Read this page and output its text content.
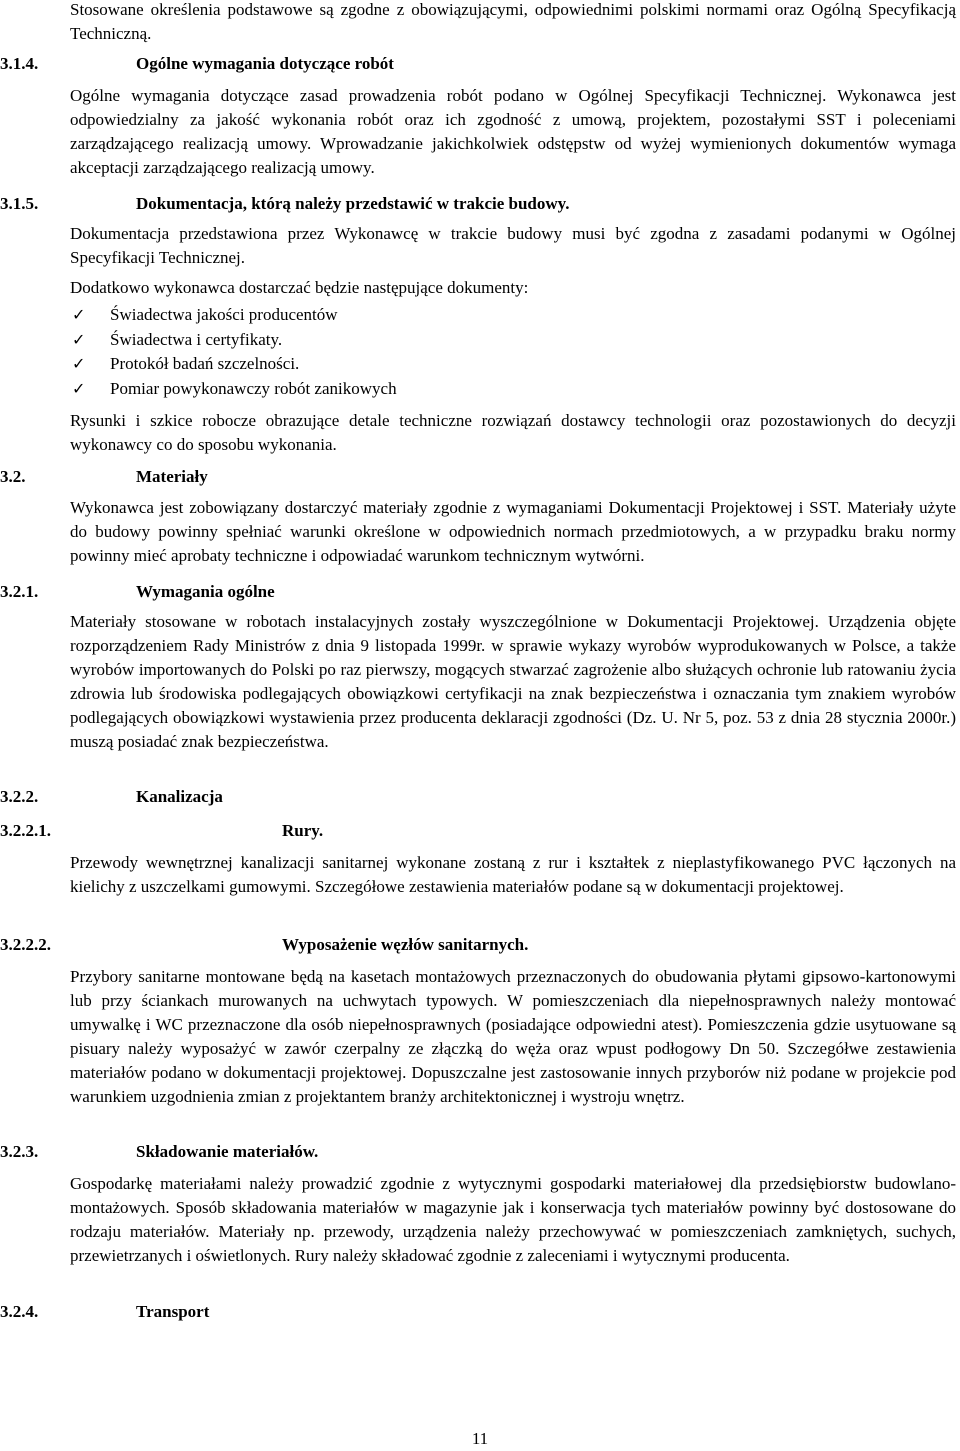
Stosowane określenia podstawowe są zgodne z obowiązującymi, odpowiednimi polskimi normami oraz Ogólną Specyfikacją Techniczną.

3.1.4.	Ogólne wymagania dotyczące robót

Ogólne wymagania dotyczące zasad prowadzenia robót podano w Ogólnej Specyfikacji Technicznej. Wykonawca jest odpowiedzialny za jakość wykonania robót oraz ich zgodność z umową, projektem, pozostałymi SST i poleceniami zarządzającego realizacją umowy. Wprowadzanie jakichkolwiek odstępstw od wyżej wymienionych dokumentów wymaga akceptacji zarządzającego realizacją umowy.

3.1.5.	Dokumentacja, którą należy przedstawić w trakcie budowy.

Dokumentacja przedstawiona przez Wykonawcę w trakcie budowy musi być zgodna z zasadami podanymi w Ogólnej Specyfikacji Technicznej.

Dodatkowo wykonawca dostarczać będzie następujące dokumenty:

✓ Świadectwa jakości producentów
✓ Świadectwa i certyfikaty.
✓ Protokół badań szczelności.
✓ Pomiar powykonawczy robót zanikowych

Rysunki i szkice robocze obrazujące detale techniczne rozwiązań dostawcy technologii oraz pozostawionych do decyzji wykonawcy co do sposobu wykonania.

3.2.	Materiały

Wykonawca jest zobowiązany dostarczyć materiały zgodnie z wymaganiami Dokumentacji Projektowej i SST. Materiały użyte do budowy powinny spełniać warunki określone w odpowiednich normach przedmiotowych, a w przypadku braku normy powinny mieć aprobaty techniczne i odpowiadać warunkom technicznym wytwórni.

3.2.1.	Wymagania ogólne

Materiały stosowane w robotach instalacyjnych zostały wyszczególnione w Dokumentacji Projektowej. Urządzenia objęte rozporządzeniem Rady Ministrów z dnia 9 listopada 1999r. w sprawie wykazy wyrobów wyprodukowanych w Polsce, a także wyrobów importowanych do Polski po raz pierwszy, mogących stwarzać zagrożenie albo służących ochronie lub ratowaniu życia zdrowia lub środowiska podlegających obowiązkowi certyfikacji na znak bezpieczeństwa i oznaczania tym znakiem wyrobów podlegających obowiązkowi wystawienia przez producenta deklaracji zgodności (Dz. U. Nr 5, poz. 53 z dnia 28 stycznia 2000r.) muszą posiadać znak bezpieczeństwa.

3.2.2.	Kanalizacja
3.2.2.1.	Rury.

Przewody wewnętrznej kanalizacji sanitarnej wykonane zostaną z rur i kształtek z nieplastyfikowanego PVC łączonych na kielichy z uszczelkami gumowymi. Szczegółowe zestawienia materiałów podane są w dokumentacji projektowej.

3.2.2.2.	Wyposażenie węzłów sanitarnych.

Przybory sanitarne montowane będą na kasetach montażowych przeznaczonych do obudowania płytami gipsowo-kartonowymi lub przy ściankach murowanych na uchwytach typowych. W pomieszczeniach dla niepełnosprawnych należy montować umywalkę i WC przeznaczone dla osób niepełnosprawnych (posiadające odpowiedni atest). Pomieszczenia gdzie usytuowane są pisuary należy wyposażyć w zawór czerpalny ze złączką do węża oraz wpust podłogowy Dn 50. Szczegółwe zestawienia materiałów podano w dokumentacji projektowej. Dopuszczalne jest zastosowanie innych przyborów niż podane w projekcie pod warunkiem uzgodnienia zmian z projektantem branży architektonicznej i wystroju wnętrz.

3.2.3.	Składowanie materiałów.

Gospodarkę materiałami należy prowadzić zgodnie z wytycznymi gospodarki materiałowej dla przedsiębiorstw budowlano-montażowych. Sposób składowania materiałów w magazynie jak i konserwacja tych materiałów powinny być dostosowane do rodzaju materiałów. Materiały np. przewody, urządzenia należy przechowywać w pomieszczeniach zamkniętych, suchych, przewietrzanych i oświetlonych. Rury należy składować zgodnie z zaleceniami i wytycznymi producenta.

3.2.4.	Transport
11
